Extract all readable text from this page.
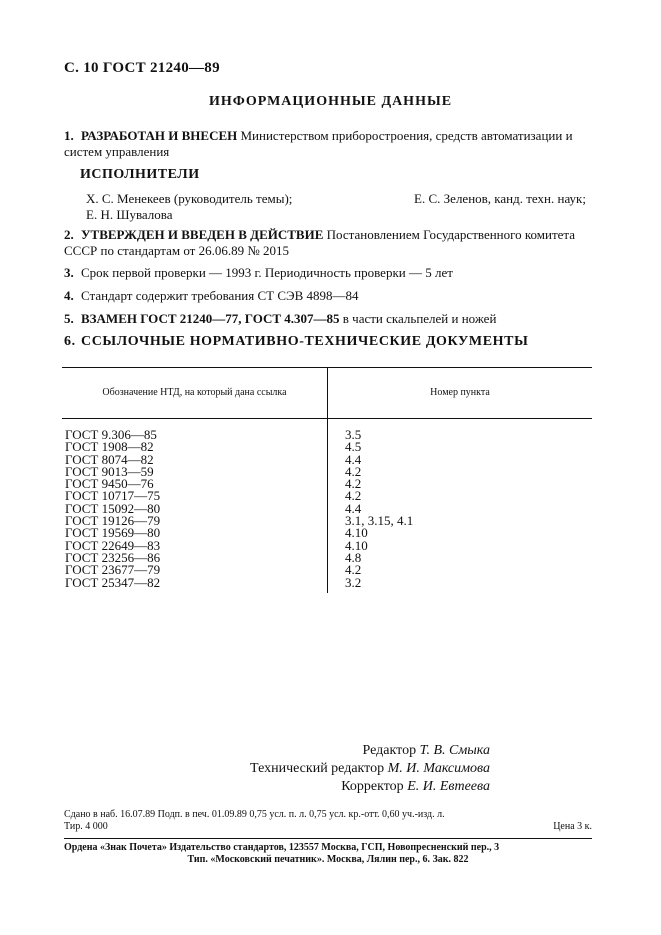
С. 10 ГОСТ 21240—89
ИНФОРМАЦИОННЫЕ ДАННЫЕ
1. РАЗРАБОТАН И ВНЕСЕН Министерством приборостроения, средств автоматизации и систем управления
ИСПОЛНИТЕЛИ
Х. С. Менекеев (руководитель темы);	Е. С. Зеленов, канд. техн. наук;
Е. Н. Шувалова
2. УТВЕРЖДЕН И ВВЕДЕН В ДЕЙСТВИЕ Постановлением Государственного комитета СССР по стандартам от 26.06.89 № 2015
3. Срок первой проверки — 1993 г. Периодичность проверки — 5 лет
4. Стандарт содержит требования СТ СЭВ 4898—84
5. ВЗАМЕН ГОСТ 21240—77, ГОСТ 4.307—85 в части скальпелей и ножей
6. ССЫЛОЧНЫЕ НОРМАТИВНО-ТЕХНИЧЕСКИЕ ДОКУМЕНТЫ
Обозначение НТД, на который дана ссылка	Номер пункта

ГОСТ 9.306—85	3.5
ГОСТ 1908—82	4.5
ГОСТ 8074—82	4.4
ГОСТ 9013—59	4.2
ГОСТ 9450—76	4.2
ГОСТ 10717—75	4.2
ГОСТ 15092—80	4.4
ГОСТ 19126—79	3.1, 3.15, 4.1
ГОСТ 19569—80	4.10
ГОСТ 22649—83	4.10
ГОСТ 23256—86	4.8
ГОСТ 23677—79	4.2
ГОСТ 25347—82	3.2
Редактор Т. В. Смыка
Технический редактор М. И. Максимова
Корректор Е. И. Евтеева
Сдано в наб. 16.07.89 Подп. в печ. 01.09.89 0,75 усл. п. л. 0,75 усл. кр.-отт. 0,60 уч.-изд. л.
Тир. 4 000	Цена 3 к.
Ордена «Знак Почета» Издательство стандартов, 123557 Москва, ГСП, Новопресненский пер., 3
Тип. «Московский печатник». Москва, Лялин пер., 6. Зак. 822
